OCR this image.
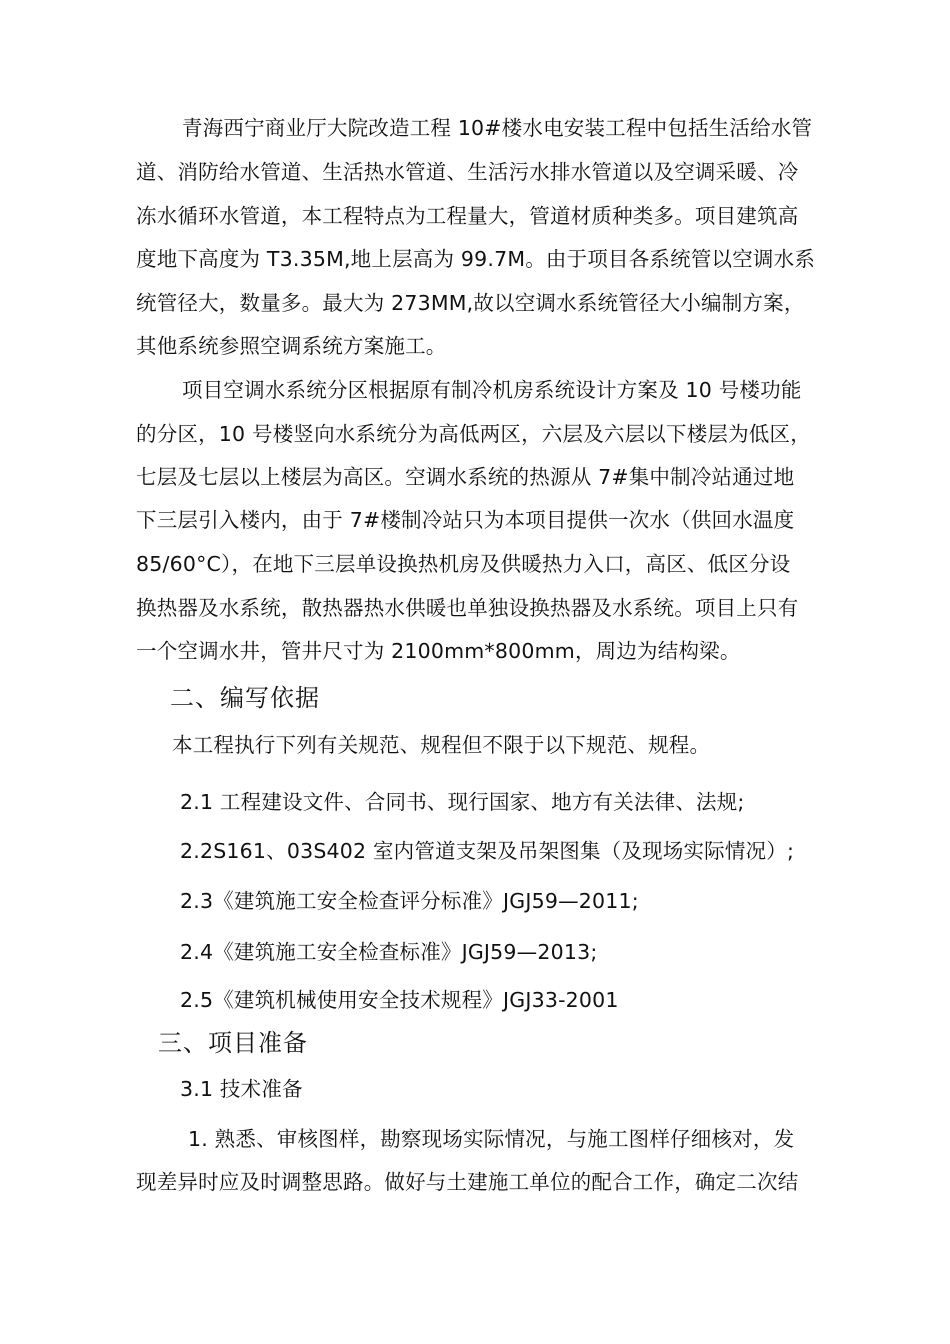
青海西宁商业厅大院改造工程 10#楼水电安装工程中包括生活给水管
道、消防给水管道、生活热水管道、生活污水排水管道以及空调采暖、冷
冻水循环水管道，本工程特点为工程量大，管道材质种类多。项目建筑高
度地下高度为 T3.35M,地上层高为 99.7M。由于项目各系统管以空调水系
统管径大，数量多。最大为 273MM,故以空调水系统管径大小编制方案，
其他系统参照空调系统方案施工。
项目空调水系统分区根据原有制冷机房系统设计方案及 10 号楼功能
的分区，10 号楼竖向水系统分为高低两区，六层及六层以下楼层为低区，
七层及七层以上楼层为高区。空调水系统的热源从 7#集中制冷站通过地
下三层引入楼内，由于 7#楼制冷站只为本项目提供一次水（供回水温度
85/60°C），在地下三层单设换热机房及供暖热力入口，高区、低区分设
换热器及水系统，散热器热水供暖也单独设换热器及水系统。项目上只有
一个空调水井，管井尺寸为 2100mm*800mm，周边为结构梁。
二、编写依据
本工程执行下列有关规范、规程但不限于以下规范、规程。
2.1 工程建设文件、合同书、现行国家、地方有关法律、法规;
2.2S161、03S402 室内管道支架及吊架图集（及现场实际情况）;
2.3《建筑施工安全检查评分标准》JGJ59—2011;
2.4《建筑施工安全检查标准》JGJ59—2013;
2.5《建筑机械使用安全技术规程》JGJ33-2001
三、项目准备
3.1 技术准备
1. 熟悉、审核图样，勘察现场实际情况，与施工图样仔细核对，发
现差异时应及时调整思路。做好与土建施工单位的配合工作，确定二次结
